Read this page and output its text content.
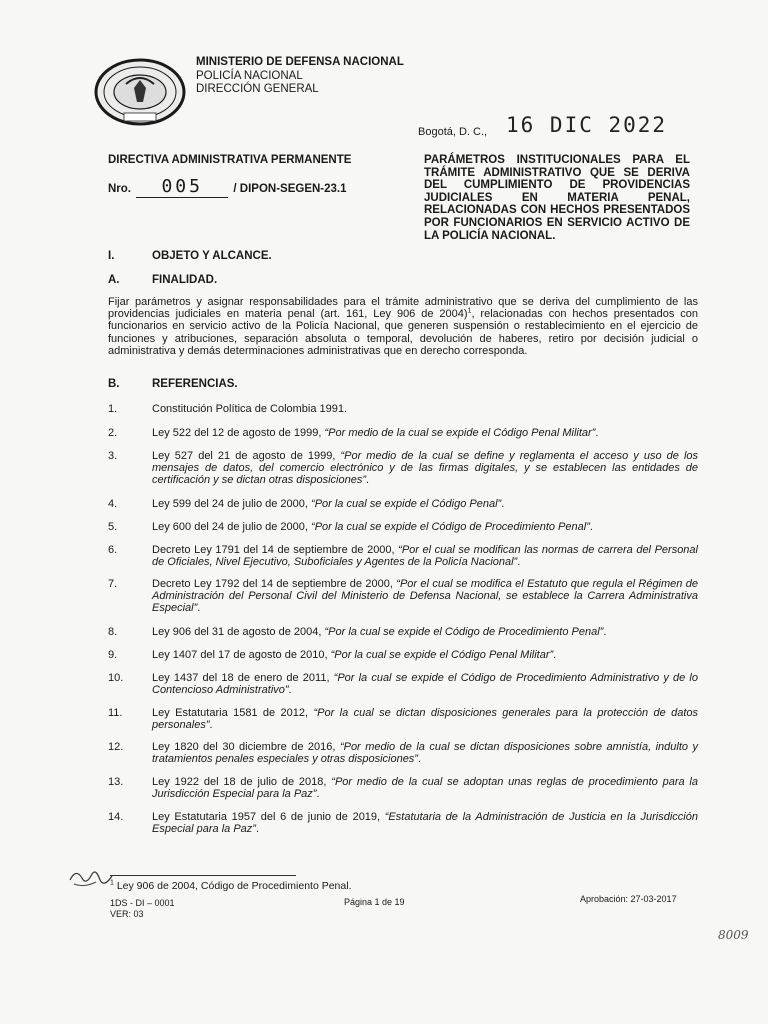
MINISTERIO DE DEFENSA NACIONAL
POLICÍA NACIONAL
DIRECCIÓN GENERAL
Bogotá, D. C., 16 DIC 2022
DIRECTIVA ADMINISTRATIVA PERMANENTE
Nro. 005	/ DIPON-SEGEN-23.1
PARÁMETROS INSTITUCIONALES PARA EL TRÁMITE ADMINISTRATIVO QUE SE DERIVA DEL CUMPLIMIENTO DE PROVIDENCIAS JUDICIALES EN MATERIA PENAL, RELACIONADAS CON HECHOS PRESENTADOS POR FUNCIONARIOS EN SERVICIO ACTIVO DE LA POLICÍA NACIONAL.
I.	OBJETO Y ALCANCE.
A.	FINALIDAD.
Fijar parámetros y asignar responsabilidades para el trámite administrativo que se deriva del cumplimiento de las providencias judiciales en materia penal (art. 161, Ley 906 de 2004)$^1$, relacionadas con hechos presentados con funcionarios en servicio activo de la Policía Nacional, que generen suspensión o restablecimiento en el ejercicio de funciones y atribuciones, separación absoluta o temporal, devolución de haberes, retiro por decisión judicial o administrativa y demás determinaciones administrativas que en derecho corresponda.
B.	REFERENCIAS.
1.	Constitución Política de Colombia 1991.
2.	Ley 522 del 12 de agosto de 1999, “Por medio de la cual se expide el Código Penal Militar”.
3.	Ley 527 del 21 de agosto de 1999, “Por medio de la cual se define y reglamenta el acceso y uso de los mensajes de datos, del comercio electrónico y de las firmas digitales, y se establecen las entidades de certificación y se dictan otras disposiciones”.
4.	Ley 599 del 24 de julio de 2000, “Por la cual se expide el Código Penal”.
5.	Ley 600 del 24 de julio de 2000, “Por la cual se expide el Código de Procedimiento Penal”.
6.	Decreto Ley 1791 del 14 de septiembre de 2000, “Por el cual se modifican las normas de carrera del Personal de Oficiales, Nivel Ejecutivo, Suboficiales y Agentes de la Policía Nacional”.
7.	Decreto Ley 1792 del 14 de septiembre de 2000, “Por el cual se modifica el Estatuto que regula el Régimen de Administración del Personal Civil del Ministerio de Defensa Nacional, se establece la Carrera Administrativa Especial”.
8.	Ley 906 del 31 de agosto de 2004, “Por la cual se expide el Código de Procedimiento Penal”.
9.	Ley 1407 del 17 de agosto de 2010, “Por la cual se expide el Código Penal Militar”.
10.	Ley 1437 del 18 de enero de 2011, “Por la cual se expide el Código de Procedimiento Administrativo y de lo Contencioso Administrativo”.
11.	Ley Estatutaria 1581 de 2012, “Por la cual se dictan disposiciones generales para la protección de datos personales”.
12.	Ley 1820 del 30 diciembre de 2016, “Por medio de la cual se dictan disposiciones sobre amnistía, indulto y tratamientos penales especiales y otras disposiciones”.
13.	Ley 1922 del 18 de julio de 2018, “Por medio de la cual se adoptan unas reglas de procedimiento para la Jurisdicción Especial para la Paz”.
14.	Ley Estatutaria 1957 del 6 de junio de 2019, “Estatutaria de la Administración de Justicia en la Jurisdicción Especial para la Paz”.
$^1$ Ley 906 de 2004, Código de Procedimiento Penal.
1DS - DI – 0001
VER: 03
Página 1 de 19	Aprobación: 27-03-2017
8009
